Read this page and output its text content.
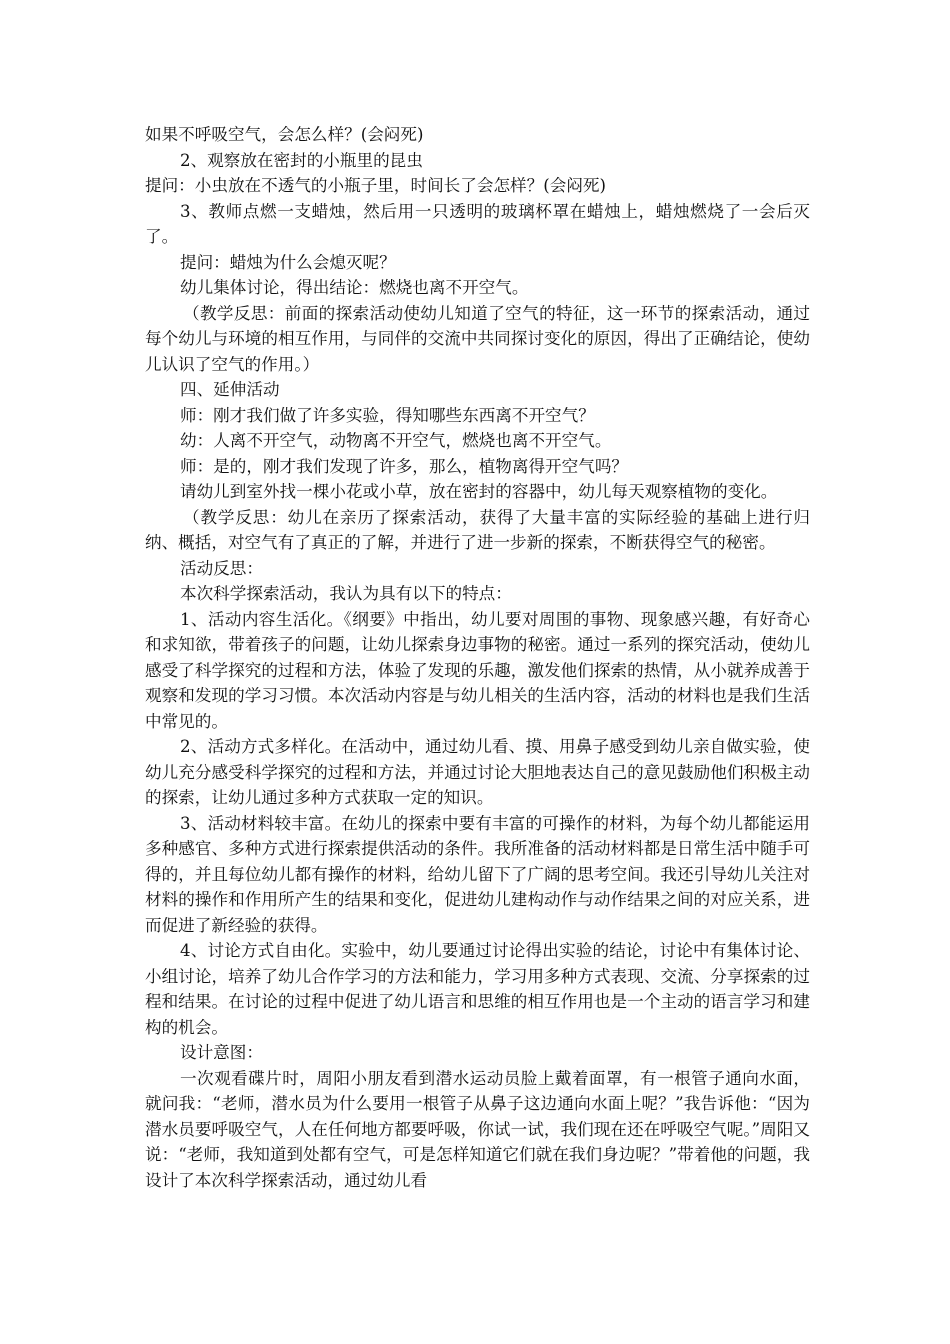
如果不呼吸空气，会怎么样？(会闷死)

2、观察放在密封的小瓶里的昆虫

提问：小虫放在不透气的小瓶子里，时间长了会怎样？(会闷死)

3、教师点燃一支蜡烛，然后用一只透明的玻璃杯罩在蜡烛上，蜡烛燃烧了一会后灭了。

提问：蜡烛为什么会熄灭呢？

幼儿集体讨论，得出结论：燃烧也离不开空气。

（教学反思：前面的探索活动使幼儿知道了空气的特征，这一环节的探索活动，通过每个幼儿与环境的相互作用，与同伴的交流中共同探讨变化的原因，得出了正确结论，使幼儿认识了空气的作用。）

四、延伸活动

师：刚才我们做了许多实验，得知哪些东西离不开空气？

幼：人离不开空气，动物离不开空气，燃烧也离不开空气。

师：是的，刚才我们发现了许多，那么，植物离得开空气吗？

请幼儿到室外找一棵小花或小草，放在密封的容器中，幼儿每天观察植物的变化。

（教学反思：幼儿在亲历了探索活动，获得了大量丰富的实际经验的基础上进行归纳、概括，对空气有了真正的了解，并进行了进一步新的探索，不断获得空气的秘密。

活动反思：

本次科学探索活动，我认为具有以下的特点：

1、活动内容生活化。《纲要》中指出，幼儿要对周围的事物、现象感兴趣，有好奇心和求知欲，带着孩子的问题，让幼儿探索身边事物的秘密。通过一系列的探究活动，使幼儿感受了科学探究的过程和方法，体验了发现的乐趣，激发他们探索的热情，从小就养成善于观察和发现的学习习惯。本次活动内容是与幼儿相关的生活内容，活动的材料也是我们生活中常见的。

2、活动方式多样化。在活动中，通过幼儿看、摸、用鼻子感受到幼儿亲自做实验，使幼儿充分感受科学探究的过程和方法，并通过讨论大胆地表达自己的意见鼓励他们积极主动的探索，让幼儿通过多种方式获取一定的知识。

3、活动材料较丰富。在幼儿的探索中要有丰富的可操作的材料，为每个幼儿都能运用多种感官、多种方式进行探索提供活动的条件。我所准备的活动材料都是日常生活中随手可得的，并且每位幼儿都有操作的材料，给幼儿留下了广阔的思考空间。我还引导幼儿关注对材料的操作和作用所产生的结果和变化，促进幼儿建构动作与动作结果之间的对应关系，进而促进了新经验的获得。

4、讨论方式自由化。实验中，幼儿要通过讨论得出实验的结论，讨论中有集体讨论、小组讨论，培养了幼儿合作学习的方法和能力，学习用多种方式表现、交流、分享探索的过程和结果。在讨论的过程中促进了幼儿语言和思维的相互作用也是一个主动的语言学习和建构的机会。

设计意图：

一次观看碟片时，周阳小朋友看到潜水运动员脸上戴着面罩，有一根管子通向水面，就问我：“老师，潜水员为什么要用一根管子从鼻子这边通向水面上呢？”我告诉他：“因为潜水员要呼吸空气，人在任何地方都要呼吸，你试一试，我们现在还在呼吸空气呢。”周阳又说：“老师，我知道到处都有空气，可是怎样知道它们就在我们身边呢？”带着他的问题，我设计了本次科学探索活动，通过幼儿看
